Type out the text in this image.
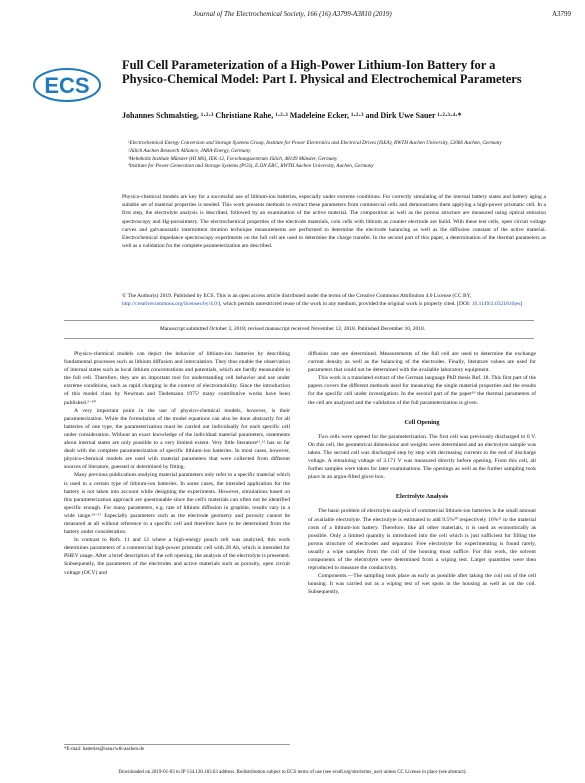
Journal of The Electrochemical Society, 166 (16) A3799-A3810 (2019)	A3799
ECS
Full Cell Parameterization of a High-Power Lithium-Ion Battery for a Physico-Chemical Model: Part I. Physical and Electrochemical Parameters
Johannes Schmalstieg, ¹·²·³ Christiane Rahe, ¹·²·³ Madeleine Ecker, ¹·²·³ and Dirk Uwe Sauer ¹·²·³·⁴·*
¹Electrochemical Energy Conversion and Storage Systems Group, Institute for Power Electronics and Electrical Drives (ISEA), RWTH Aachen University, 52066 Aachen, Germany
²Jülich Aachen Research Alliance, JARA-Energy, Germany
³Helmholtz Institute Münster (HI MS), IEK-12, Forschungszentrum Jülich, 48149 Münster, Germany
⁴Institute for Power Generation and Storage Systems (PGS), E.ON ERC, RWTH Aachen University, Aachen, Germany
Physico-chemical models are key for a successful use of lithium-ion batteries, especially under extreme conditions. For correctly simulating of the internal battery states and battery aging a suitable set of material properties is needed. This work presents methods to extract these parameters from commercial cells and demonstrates them applying a high-power prismatic cell. In a first step, the electrolyte analysis is described, followed by an examination of the active material. The composition as well as the porous structure are measured using optical emission spectroscopy and Hg-porosimetry. The electrochemical properties of the electrode materials, coin cells with lithium as counter electrode are build. With these test cells, open circuit voltage curves and galvanostatic intermittent titration technique measurements are performed to determine the electrode balancing as well as the diffusion constant of the active material. Electrochemical impedance spectroscopy experiments on the full cell are used to determine the charge transfer. In the second part of this paper, a determination of the thermal parameters as well as a validation for the complete parameterization are described.
© The Author(s) 2019. Published by ECS. This is an open access article distributed under the terms of the Creative Commons Attribution 4.0 License (CC BY, http://creativecommons.org/licenses/by/4.0/), which permits unrestricted reuse of the work in any medium, provided the original work is properly cited. [DOI: 10.1149/2.0321816jes]
Manuscript submitted October 3, 2018; revised manuscript received November 12, 2018. Published December 10, 2018.

Physico-chemical models can depict the behavior of lithium-ion batteries by describing fundamental processes such as lithium diffusion and intercalation. They thus enable the observation of internal states such as local lithium concentrations and potentials, which are hardly measurable in the full cell. Therefore, they are an important tool for understanding cell behavior and use under extreme conditions, such as rapid charging in the context of electromobility. Since the introduction of this model class by Newman and Tiedemann 1975¹ many contributive works have been published.²⁻¹⁰

A very important point in the use of physico-chemical models, however, is their parameterization. While the formulation of the model equations can also be done abstractly for all batteries of one type, the parameterization must be carried out individually for each specific cell under consideration. Without an exact knowledge of the individual material parameters, statements about internal states are only possible to a very limited extent. Very little literature¹¹,¹² has so far dealt with the complete parameterization of specific lithium-ion batteries. In most cases, however, physico-chemical models are used with material parameters that were collected from different sources of literature, guessed or determined by fitting.

Many previous publications studying material parameters only refer to a specific material which is used in a certain type of lithium-ion batteries. In some cases, the intended application for the battery is not taken into account while designing the experiments. However, simulations based on this parameterization approach are questionable since the cell's materials can often not be identified specific enough. For many parameters, e.g. rate of lithium diffusion in graphite, results vary in a wide range.¹³⁻¹⁷ Especially parameters such as the electrode geometry and porosity cannot be measured at all without reference to a specific cell and therefore have to be determined from the battery under consideration.

In contrast to Refs. 11 and 12 where a high-energy pouch cell was analyzed, this work determines parameters of a commercial high-power prismatic cell with 28 Ah, which is intended for PHEV usage. After a brief description of the cell opening, the analysis of the electrolyte is presented. Subsequently, the parameters of the electrodes and active materials such as porosity, open circuit voltage (OCV) and

diffusion rate are determined. Measurements of the full cell are used to determine the exchange current density as well as the balancing of the electrodes. Finally, literature values are used for parameters that could not be determined with the available laboratory equipment.

This work is a translated extract of the German language PhD thesis Ref. 18. This first part of the papers covers the different methods used for measuring the single material properties and the results for the specific cell under investigation. In the second part of the paper¹⁹ the thermal parameters of the cell are analyzed and the validation of the full parameterization is given.

Cell Opening

Two cells were opened for the parameterization. The first cell was previously discharged to 0 V. On this cell, the geometrical dimensions and weights were determined and an electrolyte sample was taken. The second cell was discharged step by step with decreasing currents to the end of discharge voltage. A remaining voltage of 3.171 V was measured directly before opening. From this cell, all further samples were taken for later examinations. The openings as well as the further sampling took place in an argon-filled glove box.

Electrolyte Analysis

The basic problem of electrolyte analysis of commercial lithium-ion batteries is the small amount of available electrolyte. The electrolyte is estimated to add 9.5%²⁰ respectively 16%²¹ to the material costs of a lithium-ion battery. Therefore, like all other materials, it is used as economically as possible. Only a limited quantity is introduced into the cell which is just sufficient for filling the porous structure of electrodes and separator. Free electrolyte for experimenting is found rarely, usually a wipe samples from the coil of the housing must suffice. For this work, the solvent components of the electrolyte were determined from a wiping test. Larger quantities were then reproduced to measure the conductivity.

Components.—The sampling took place as early as possible after taking the coil out of the cell housing. It was carried out as a wiping test of wet spots in the housing as well as on the coil. Subsequently,

*E-mail: batteries@isea.rwth-aachen.de
Downloaded on 2019-01-03 to IP 134.130.183.63 address. Redistribution subject to ECS terms of use (see ecsdl.org/site/terms_use) unless CC License in place (see abstract).
